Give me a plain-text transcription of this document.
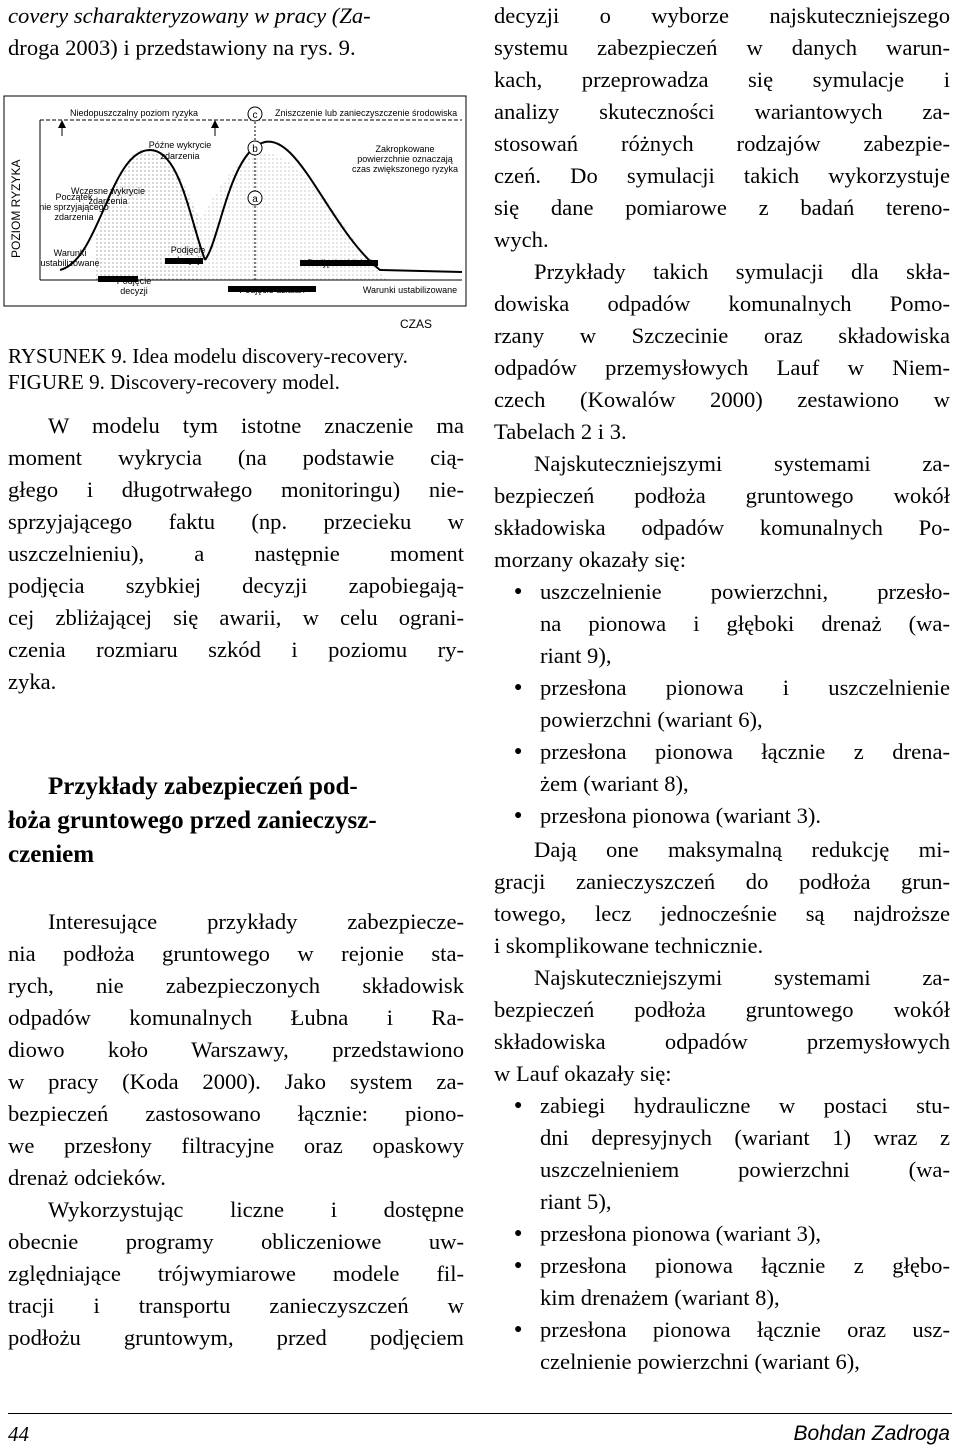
covery scharakteryzowany w pracy (Za-
droga 2003) i przedstawiony na rys. 9.
POZIOM RYZYKA
c
b
a
Niedopuszczalny poziom ryzyka	Zniszczenie lub zanieczyszczenie środowiska
Późne wykrycie
zdarzenia
Wczesne wykrycie
zdarzenia
Początek
nie sprzyjającego
zdarzenia
Warunki
ustabilizowane
Podjęcie
decyzji
Podjęcie
decyzji
Zakropkowane
powierzchnie oznaczają
czas zwiększonego ryzyka
Podjęcie działań
Podjęcie działań	Warunki ustabilizowane
CZAS
RYSUNEK 9. Idea modelu discovery-recovery.
FIGURE 9. Discovery-recovery model.
W modelu tym istotne znaczenie ma
moment wykrycia (na podstawie cią-
głego i długotrwałego monitoringu) nie-
sprzyjającego faktu (np. przecieku w
uszczelnieniu), a następnie moment
podjęcia szybkiej decyzji zapobiegają-
cej zbliżającej się awarii, w celu ograni-
czenia rozmiaru szkód i poziomu ry-
zyka.
Przykłady zabezpieczeń pod-
łoża gruntowego przed zanieczysz-
czeniem
Interesujące przykłady zabezpiecze-
nia podłoża gruntowego w rejonie sta-
rych, nie zabezpieczonych składowisk
odpadów komunalnych Łubna i Ra-
diowo koło Warszawy, przedstawiono
w pracy (Koda 2000). Jako system za-
bezpieczeń zastosowano łącznie: piono-
we przesłony filtracyjne oraz opaskowy
drenaż odcieków.
Wykorzystując liczne i dostępne
obecnie programy obliczeniowe uw-
zględniające trójwymiarowe modele fil-
tracji i transportu zanieczyszczeń w
podłożu gruntowym, przed podjęciem
decyzji o wyborze najskuteczniejszego
systemu zabezpieczeń w danych warun-
kach, przeprowadza się symulacje i
analizy skuteczności wariantowych za-
stosowań różnych rodzajów zabezpie-
czeń. Do symulacji takich wykorzystuje
się dane pomiarowe z badań tereno-
wych.
Przykłady takich symulacji dla skła-
dowiska odpadów komunalnych Pomo-
rzany w Szczecinie oraz składowiska
odpadów przemysłowych Lauf w Niem-
czech (Kowalów 2000) zestawiono w
Tabelach 2 i 3.
Najskuteczniejszymi systemami za-
bezpieczeń podłoża gruntowego wokół
składowiska odpadów komunalnych Po-
morzany okazały się:
● uszczelnienie powierzchni, przesło-
na pionowa i głęboki drenaż (wa-
riant 9),
● przesłona pionowa i uszczelnienie
powierzchni (wariant 6),
● przesłona pionowa łącznie z drena-
żem (wariant 8),
● przesłona pionowa (wariant 3).
Dają one maksymalną redukcję mi-
gracji zanieczyszczeń do podłoża grun-
towego, lecz jednocześnie są najdroższe
i skomplikowane technicznie.
Najskuteczniejszymi systemami za-
bezpieczeń podłoża gruntowego wokół
składowiska odpadów przemysłowych
w Lauf okazały się:
● zabiegi hydrauliczne w postaci stu-
dni depresyjnych (wariant 1) wraz z
uszczelnieniem powierzchni (wa-
riant 5),
● przesłona pionowa (wariant 3),
● przesłona pionowa łącznie z głębo-
kim drenażem (wariant 8),
● przesłona pionowa łącznie oraz usz-
czelnienie powierzchni (wariant 6),
44	Bohdan Zadroga
